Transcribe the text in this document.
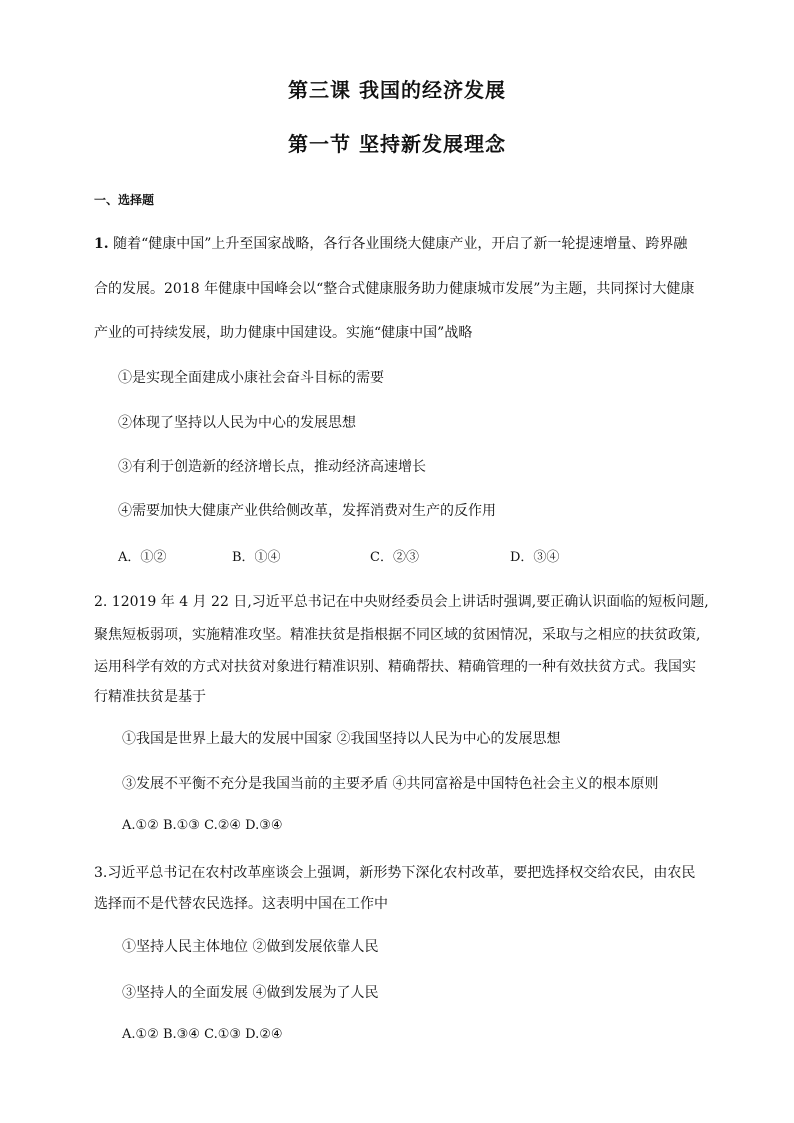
第三课 我国的经济发展
第一节 坚持新发展理念
一、选择题
1. 随着“健康中国”上升至国家战略，各行各业围绕大健康产业，开启了新一轮提速增量、跨界融
合的发展。2018 年健康中国峰会以“整合式健康服务助力健康城市发展”为主题，共同探讨大健康
产业的可持续发展，助力健康中国建设。实施“健康中国”战略
①是实现全面建成小康社会奋斗目标的需要
②体现了坚持以人民为中心的发展思想
③有利于创造新的经济增长点，推动经济高速增长
④需要加快大健康产业供给侧改革，发挥消费对生产的反作用
A．①②	B．①④	C．②③	D．③④
2. 12019 年 4 月 22 日,习近平总书记在中央财经委员会上讲话时强调,要正确认识面临的短板问题,
聚焦短板弱项，实施精准攻坚。精准扶贫是指根据不同区域的贫困情况，采取与之相应的扶贫政策,
运用科学有效的方式对扶贫对象进行精准识别、精确帮扶、精确管理的一种有效扶贫方式。我国实
行精准扶贫是基于
①我国是世界上最大的发展中国家 ②我国坚持以人民为中心的发展思想
③发展不平衡不充分是我国当前的主要矛盾 ④共同富裕是中国特色社会主义的根本原则
A.①② B.①③ C.②④ D.③④
3.习近平总书记在农村改革座谈会上强调，新形势下深化农村改革，要把选择权交给农民，由农民
选择而不是代替农民选择。这表明中国在工作中
①坚持人民主体地位 ②做到发展依靠人民
③坚持人的全面发展 ④做到发展为了人民
A.①② B.③④ C.①③ D.②④
